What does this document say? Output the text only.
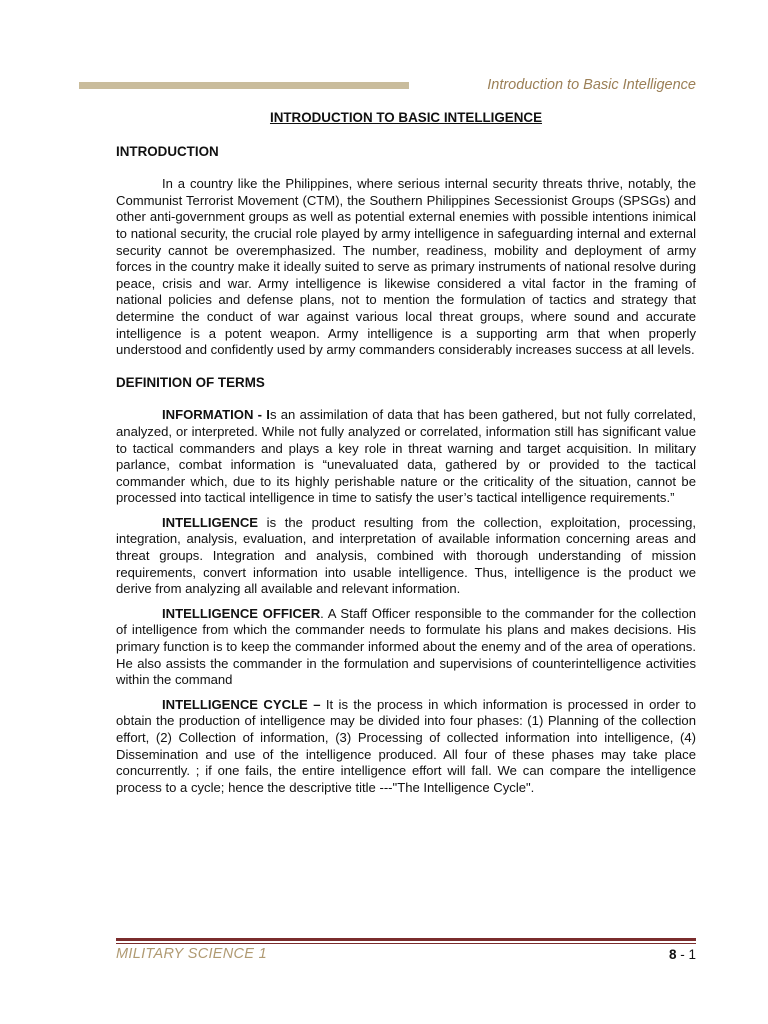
Introduction to Basic Intelligence
INTRODUCTION TO BASIC INTELLIGENCE
INTRODUCTION

In a country like the Philippines, where serious internal security threats thrive, notably, the Communist Terrorist Movement (CTM), the Southern Philippines Secessionist Groups (SPSGs) and other anti-government groups as well as potential external enemies with possible intentions inimical to national security, the crucial role played by army intelligence in safeguarding internal and external security cannot be overemphasized. The number, readiness, mobility and deployment of army forces in the country make it ideally suited to serve as primary instruments of national resolve during peace, crisis and war. Army intelligence is likewise considered a vital factor in the framing of national policies and defense plans, not to mention the formulation of tactics and strategy that determine the conduct of war against various local threat groups, where sound and accurate intelligence is a potent weapon. Army intelligence is a supporting arm that when properly understood and confidently used by army commanders considerably increases success at all levels.

DEFINITION OF TERMS

INFORMATION - Is an assimilation of data that has been gathered, but not fully correlated, analyzed, or interpreted. While not fully analyzed or correlated, information still has significant value to tactical commanders and plays a key role in threat warning and target acquisition. In military parlance, combat information is “unevaluated data, gathered by or provided to the tactical commander which, due to its highly perishable nature or the criticality of the situation, cannot be processed into tactical intelligence in time to satisfy the user’s tactical intelligence requirements.”

INTELLIGENCE is the product resulting from the collection, exploitation, processing, integration, analysis, evaluation, and interpretation of available information concerning areas and threat groups. Integration and analysis, combined with thorough understanding of mission requirements, convert information into usable intelligence. Thus, intelligence is the product we derive from analyzing all available and relevant information.

INTELLIGENCE OFFICER. A Staff Officer responsible to the commander for the collection of intelligence from which the commander needs to formulate his plans and makes decisions. His primary function is to keep the commander informed about the enemy and of the area of operations. He also assists the commander in the formulation and supervisions of counterintelligence activities within the command

INTELLIGENCE CYCLE – It is the process in which information is processed in order to obtain the production of intelligence may be divided into four phases: (1) Planning of the collection effort, (2) Collection of information, (3) Processing of collected information into intelligence, (4) Dissemination and use of the intelligence produced. All four of these phases may take place concurrently. ; if one fails, the entire intelligence effort will fall. We can compare the intelligence process to a cycle; hence the descriptive title ---"The Intelligence Cycle".

MILITARY SCIENCE 1	8 - 1
